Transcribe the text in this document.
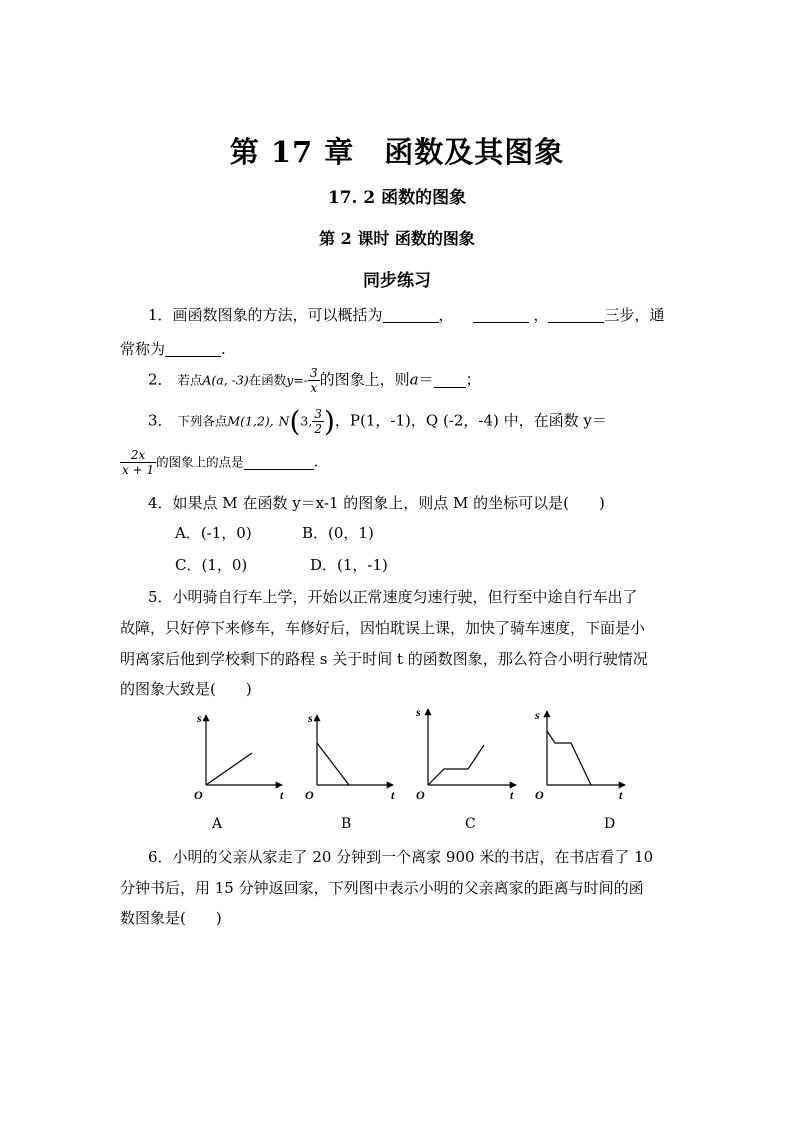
第 17 章　函数及其图象
17. 2 函数的图象
第 2 课时 函数的图象
同步练习
1．画函数图象的方法，可以概括为	，	，	三步，通
常称为	.
2． 若点A(a, -3)在函数$y=- \frac{3}{x}$ 的图象上，则a＝ ；
3． 下列各点M(1,2), N(3, $\frac{3}{2}$ )，P(1，-1)，Q (-2，-4) 中，在函数 y＝
$\frac{2x}{x + 1}$ 的图象上的点是	.
4．如果点 M 在函数 y＝x-1 的图象上，则点 M 的坐标可以是(　　)
A．(-1，0)	B．(0，1)
C．(1，0)	D．(1，-1)
5．小明骑自行车上学，开始以正常速度匀速行驶，但行至中途自行车出了
故障，只好停下来修车，车修好后，因怕耽误上课，加快了骑车速度，下面是小
明离家后他到学校剩下的路程 s 关于时间 t 的函数图象，那么符合小明行驶情况
的图象大致是(　　)
s
t
O
s
t
O
s
t
O
s
t
O
A	B	C	D
6．小明的父亲从家走了 20 分钟到一个离家 900 米的书店，在书店看了 10
分钟书后，用 15 分钟返回家，下列图中表示小明的父亲离家的距离与时间的函
数图象是(　　)
